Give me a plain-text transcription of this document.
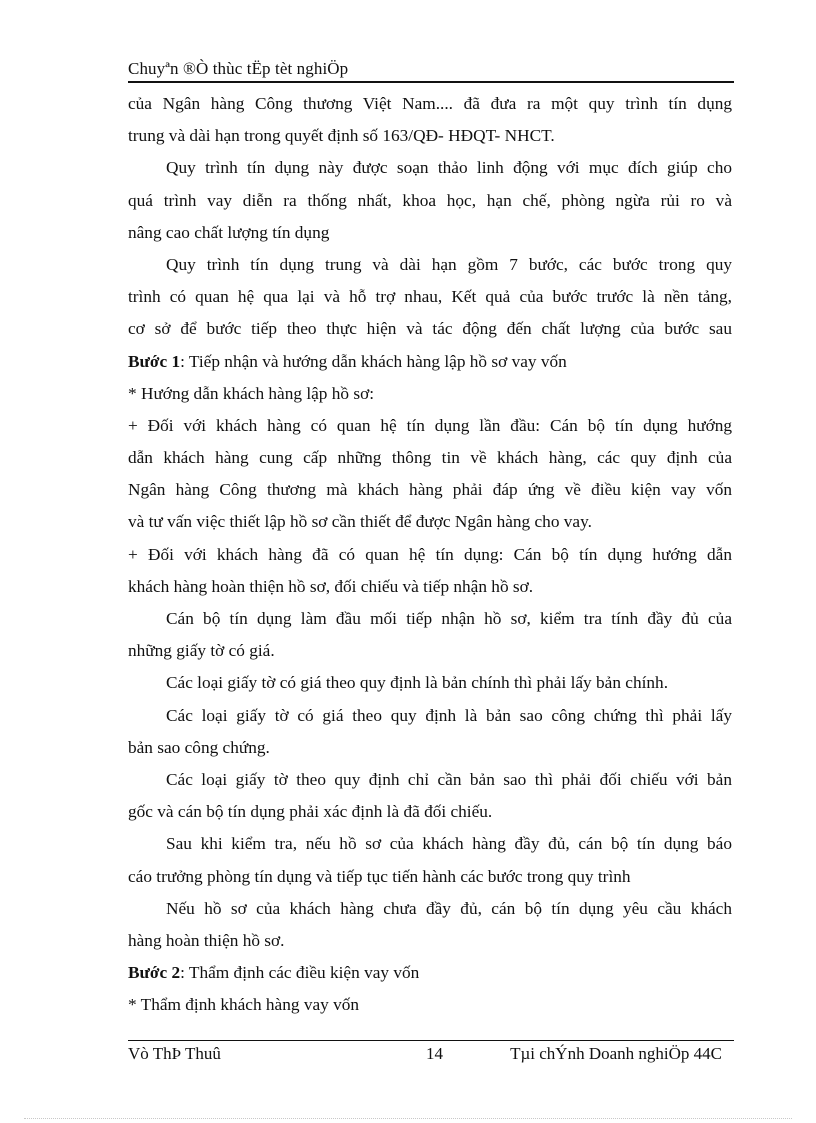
Chuyªn ®Ò thùc tËp tèt nghiÖp
của Ngân hàng Công thương Việt Nam.... đã đưa ra một quy trình tín dụng
trung và dài hạn trong quyết định số 163/QĐ- HĐQT- NHCT.
Quy trình tín dụng này được soạn thảo linh động với mục đích giúp cho
quá trình vay diễn ra thống nhất, khoa học, hạn chế, phòng ngừa rủi ro và
nâng cao chất lượng tín dụng
Quy trình tín dụng trung và dài hạn gồm 7 bước, các bước trong quy
trình có quan hệ qua lại và hỗ trợ nhau, Kết quả của bước trước là nền tảng,
cơ sở để bước tiếp theo thực hiện và tác động đến chất lượng của bước sau
Bước 1: Tiếp nhận và hướng dẫn khách hàng lập hồ sơ vay vốn
* Hướng dẫn khách hàng lập hồ sơ:
+ Đối với khách hàng có quan hệ tín dụng lần đầu: Cán bộ tín dụng hướng
dẫn khách hàng cung cấp những thông tin về khách hàng, các quy định của
Ngân hàng Công thương mà khách hàng phải đáp ứng về điều kiện vay vốn
và tư vấn việc thiết lập hồ sơ cần thiết để được Ngân hàng cho vay.
+ Đối với khách hàng đã có quan hệ tín dụng: Cán bộ tín dụng hướng dẫn
khách hàng hoàn thiện hồ sơ, đối chiếu và tiếp nhận hồ sơ.
Cán bộ tín dụng làm đầu mối tiếp nhận hồ sơ, kiểm tra tính đầy đủ của
những giấy tờ có giá.
Các loại giấy tờ có giá theo quy định là bản chính thì phải lấy bản chính.
Các loại giấy tờ có giá theo quy định là bản sao công chứng thì phải lấy
bản sao công chứng.
Các loại giấy tờ theo quy định chỉ cần bản sao thì phải đối chiếu với bản
gốc và cán bộ tín dụng phải xác định là đã đối chiếu.
Sau khi kiểm tra, nếu hồ sơ của khách hàng đầy đủ, cán bộ tín dụng báo
cáo trưởng phòng tín dụng và tiếp tục tiến hành các bước trong quy trình
Nếu hồ sơ của khách hàng chưa đầy đủ, cán bộ tín dụng yêu cầu khách
hàng hoàn thiện hồ sơ.
Bước 2: Thẩm định các điều kiện vay vốn
* Thẩm định khách hàng vay vốn
Vò ThÞ Thuû	14	Tµi chÝnh Doanh nghiÖp 44C
